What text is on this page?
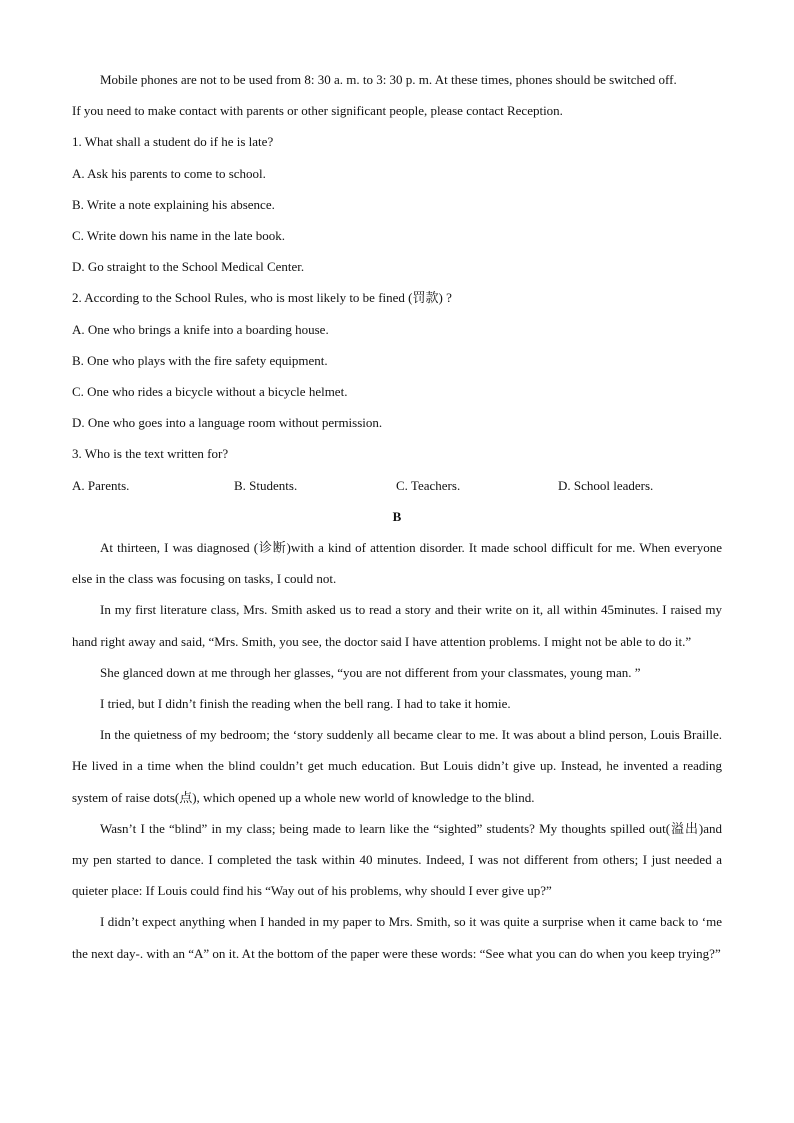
Mobile phones are not to be used from 8: 30 a. m. to 3: 30 p. m. At these times, phones should be switched off.

If you need to make contact with parents or other significant people, please contact Reception.

1. What shall a student do if he is late?

A. Ask his parents to come to school.

B. Write a note explaining his absence.

C. Write down his name in the late book.

D. Go straight to the School Medical Center.

2. According to the School Rules, who is most likely to be fined (罚款) ?

A. One who brings a knife into a boarding house.

B. One who plays with the fire safety equipment.

C. One who rides a bicycle without a bicycle helmet.

D. One who goes into a language room without permission.

3. Who is the text written for?

A. Parents.	B. Students.	C. Teachers.	D. School leaders.

B

At thirteen, I was diagnosed (诊断)with a kind of attention disorder. It made school difficult for me. When everyone else in the class was focusing on tasks, I could not.

In my first literature class, Mrs. Smith asked us to read a story and their write on it, all within 45minutes. I raised my hand right away and said, “Mrs. Smith, you see, the doctor said I have attention problems. I might not be able to do it.”

She glanced down at me through her glasses, “you are not different from your classmates, young man. ”

I tried, but I didn’t finish the reading when the bell rang. I had to take it homie.

In the quietness of my bedroom; the ‘story suddenly all became clear to me. It was about a blind person, Louis Braille. He lived in a time when the blind couldn’t get much education. But Louis didn’t give up. Instead, he invented a reading system of raise dots(点), which opened up a whole new world of knowledge to the blind.

Wasn’t I the “blind” in my class; being made to learn like the “sighted” students? My thoughts spilled out(溢出)and my pen started to dance. I completed the task within 40 minutes. Indeed, I was not different from others; I just needed a quieter place: If Louis could find his “Way out of his problems, why should I ever give up?”

I didn’t expect anything when I handed in my paper to Mrs. Smith, so it was quite a surprise when it came back to ‘me the next day-. with an “A” on it. At the bottom of the paper were these words: “See what you can do when you keep trying?”
